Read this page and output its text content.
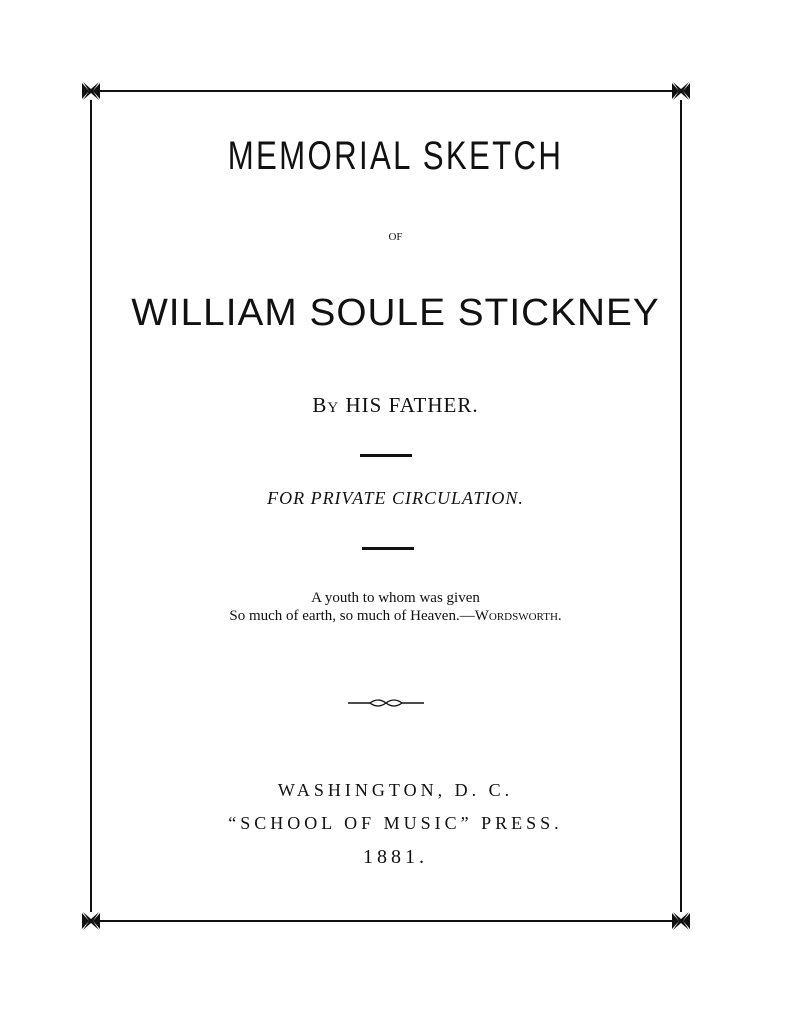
MEMORIAL SKETCH
OF
WILLIAM SOULE STICKNEY
By HIS FATHER.
FOR PRIVATE CIRCULATION.
A youth to whom was given
So much of earth, so much of Heaven.—Wordsworth.
WASHINGTON, D. C.
“SCHOOL OF MUSIC” PRESS.
1881.
